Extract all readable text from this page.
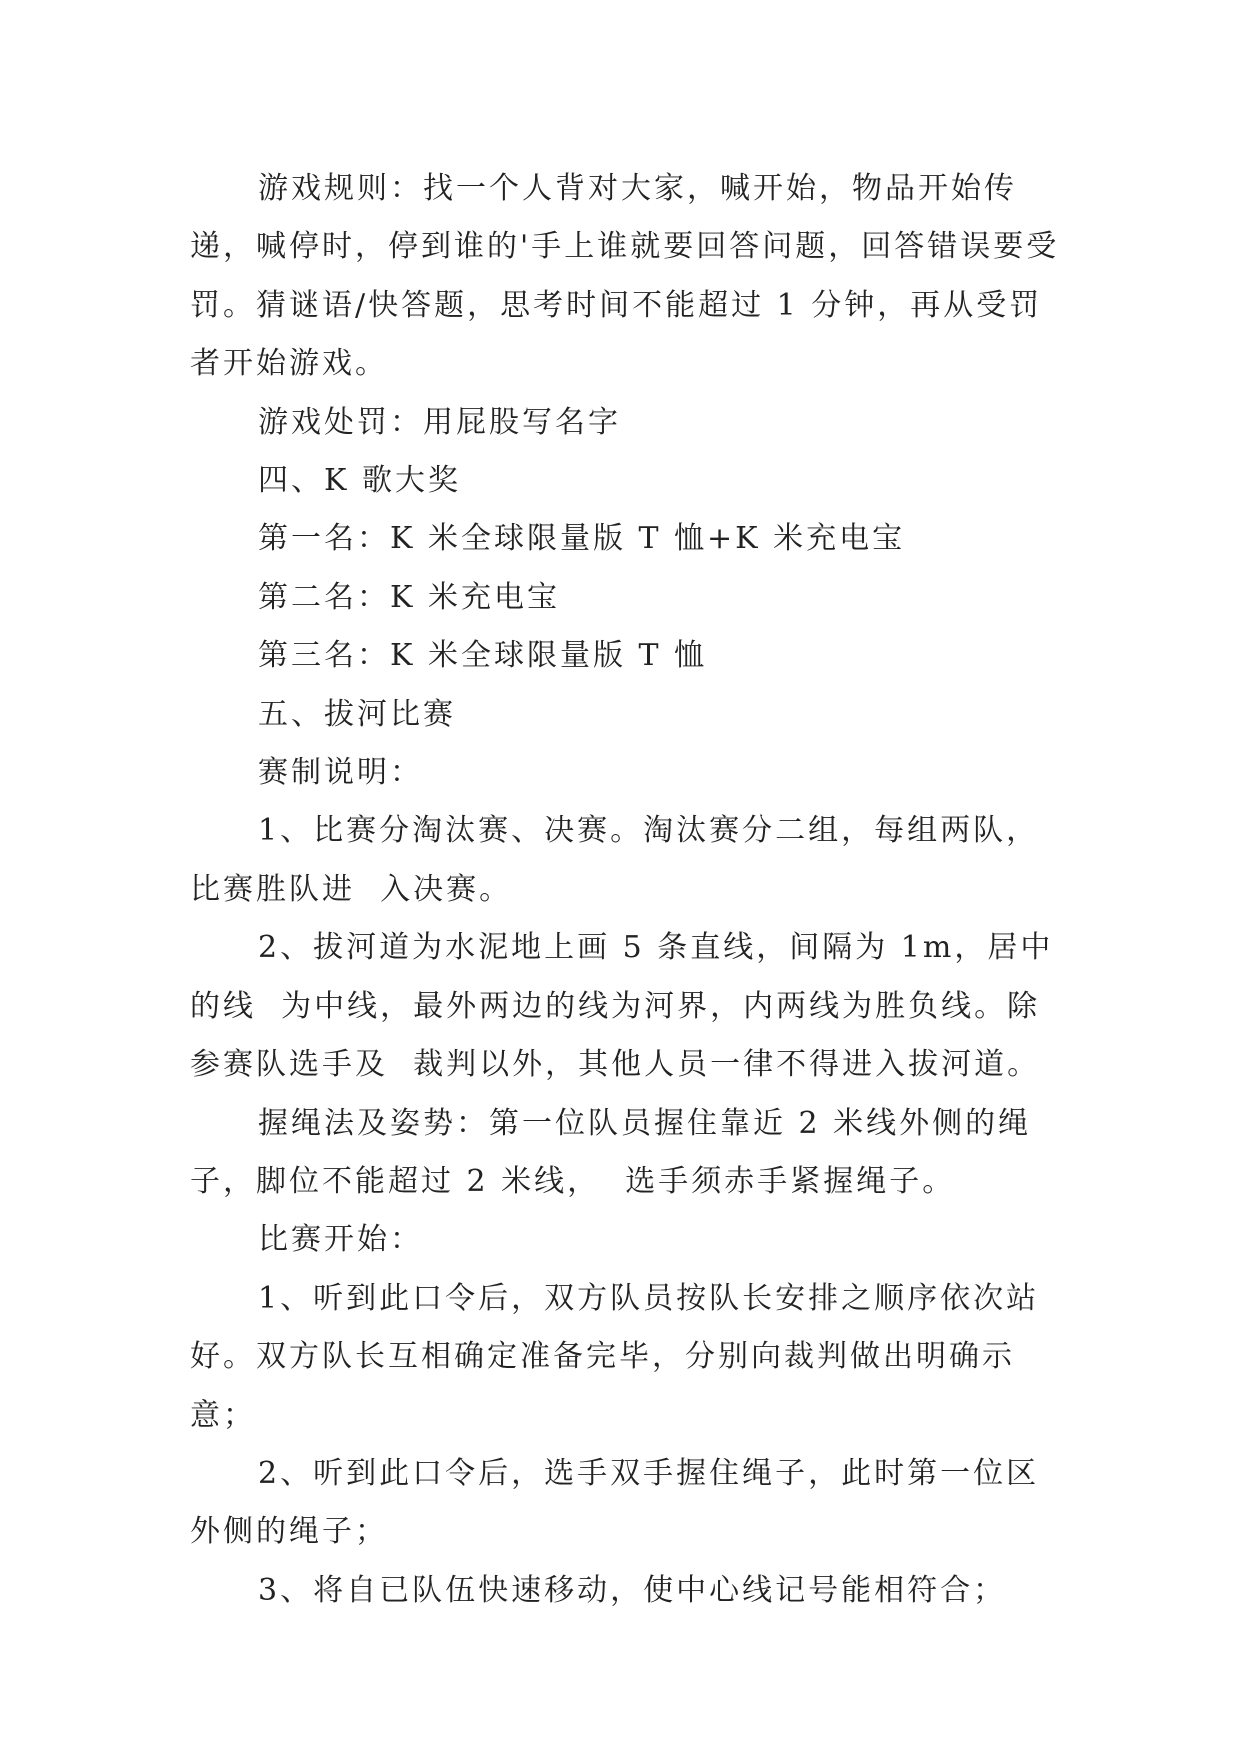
游戏规则：找一个人背对大家，喊开始，物品开始传递，喊停时，停到谁的'手上谁就要回答问题，回答错误要受罚。猜谜语/快答题，思考时间不能超过 1 分钟，再从受罚者开始游戏。

游戏处罚：用屁股写名字

四、K 歌大奖

第一名：K 米全球限量版 T 恤+K 米充电宝

第二名：K 米充电宝

第三名：K 米全球限量版 T 恤

五、拔河比赛

赛制说明：

1、比赛分淘汰赛、决赛。淘汰赛分二组，每组两队，比赛胜队进  入决赛。

2、拔河道为水泥地上画 5 条直线，间隔为 1m，居中的线  为中线，最外两边的线为河界，内两线为胜负线。除参赛队选手及  裁判以外，其他人员一律不得进入拔河道。

握绳法及姿势：第一位队员握住靠近 2 米线外侧的绳子，脚位不能超过 2 米线，  选手须赤手紧握绳子。

比赛开始：

1、听到此口令后，双方队员按队长安排之顺序依次站好。双方队长互相确定准备完毕，分别向裁判做出明确示意；

2、听到此口令后，选手双手握住绳子，此时第一位区外侧的绳子；

3、将自已队伍快速移动，使中心线记号能相符合；
